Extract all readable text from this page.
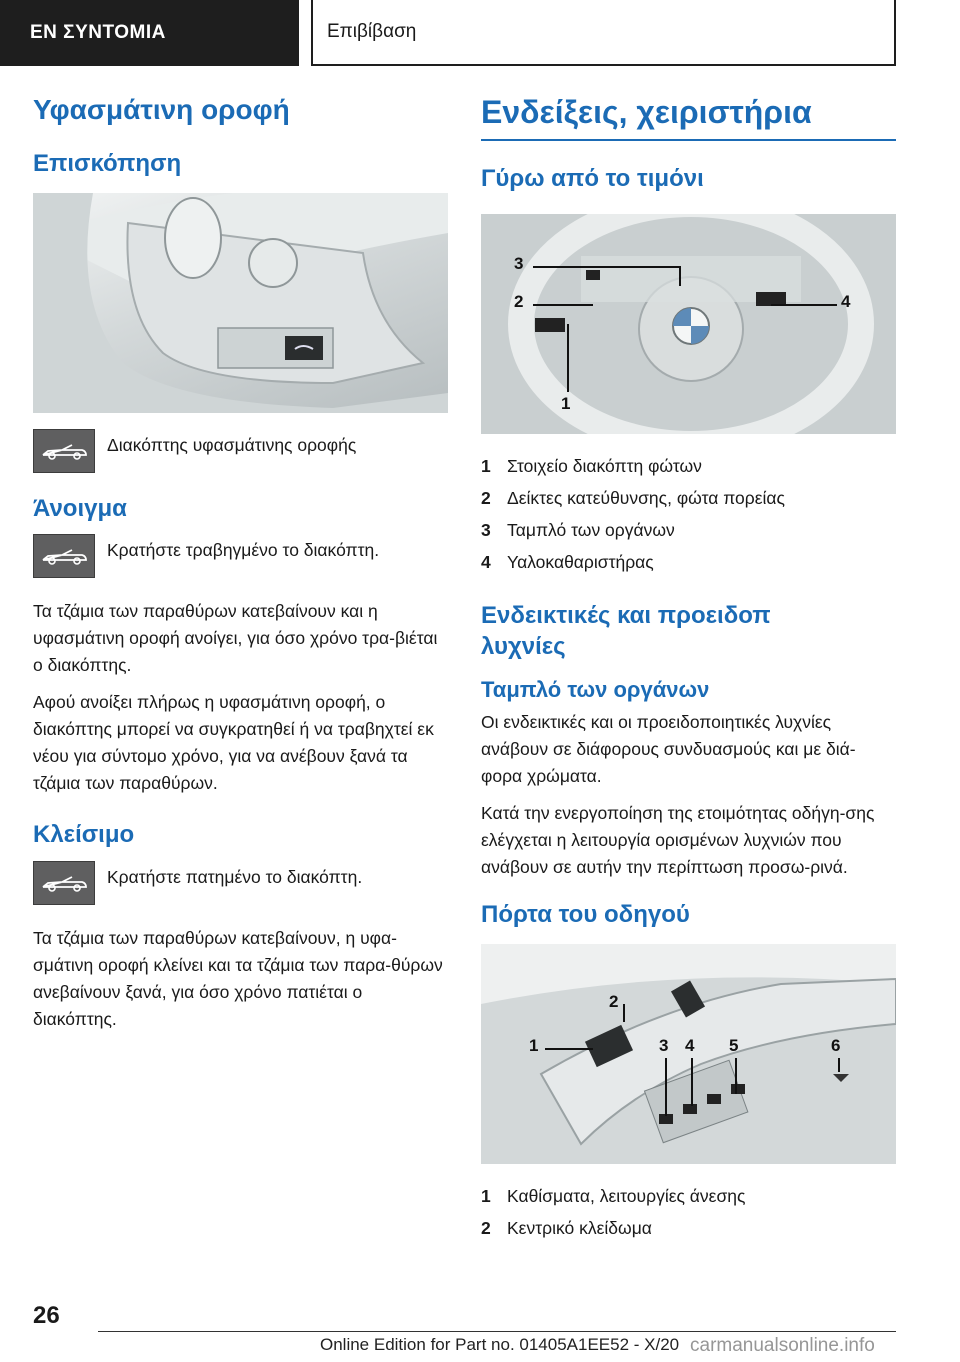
ΕΝ ΣΥΝΤΟΜΙΑ	Επιβίβαση
Υφασμάτινη οροφή
Επισκόπηση
Διακόπτης υφασμάτινης οροφής
Άνοιγμα
Κρατήστε τραβηγμένο το διακόπτη.

Τα τζάμια των παραθύρων κατεβαίνουν και η υφασμάτινη οροφή ανοίγει, για όσο χρόνο τρα-βιέται ο διακόπτης.

Αφού ανοίξει πλήρως η υφασμάτινη οροφή, ο διακόπτης μπορεί να συγκρατηθεί ή να τραβηχτεί εκ νέου για σύντομο χρόνο, για να ανέβουν ξανά τα τζάμια των παραθύρων.

Κλείσιμο
Κρατήστε πατημένο το διακόπτη.

Τα τζάμια των παραθύρων κατεβαίνουν, η υφα-σμάτινη οροφή κλείνει και τα τζάμια των παρα-θύρων ανεβαίνουν ξανά, για όσο χρόνο πατιέται ο διακόπτης.

Ενδείξεις, χειριστήρια
Γύρω από το τιμόνι
3
2	4
1
1 Στοιχείο διακόπτη φώτων
2 Δείκτες κατεύθυνσης, φώτα πορείας
3 Ταμπλό των οργάνων
4 Υαλοκαθαριστήρας
Ενδεικτικές και προειδοπ λυχνίες
Ταμπλό των οργάνων

Οι ενδεικτικές και οι προειδοποιητικές λυχνίες ανάβουν σε διάφορους συνδυασμούς και με διά-φορα χρώματα.

Κατά την ενεργοποίηση της ετοιμότητας οδήγη-σης ελέγχεται η λειτουργία ορισμένων λυχνιών που ανάβουν σε αυτήν την περίπτωση προσω-ρινά.

Πόρτα του οδηγού
2
1	3 4 5	6
1 Καθίσματα, λειτουργίες άνεσης
2 Κεντρικό κλείδωμα
26
Online Edition for Part no. 01405A1EE52 - X/20 carmanualsonline.info
